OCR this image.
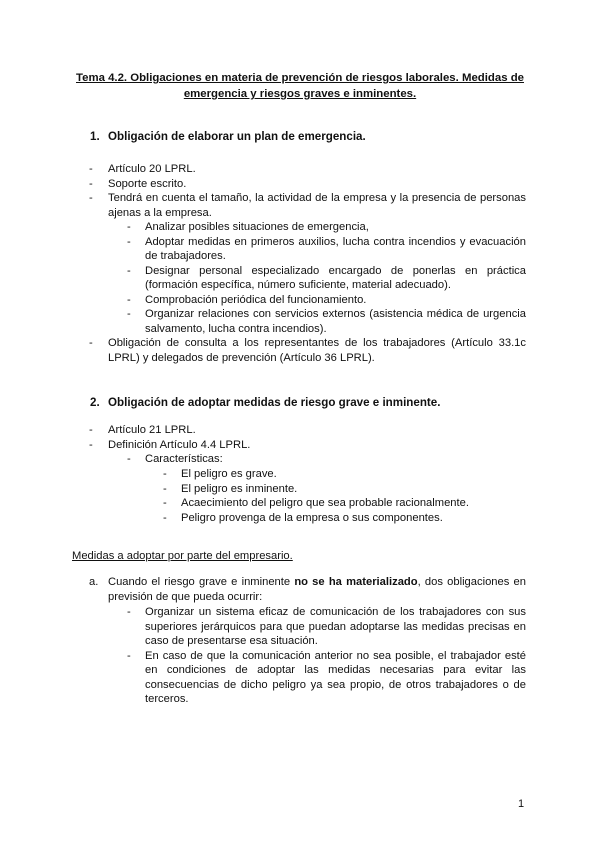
Tema 4.2. Obligaciones en materia de prevención de riesgos laborales. Medidas de emergencia y riesgos graves e inminentes.
1. Obligación de elaborar un plan de emergencia.
- Artículo 20 LPRL.
- Soporte escrito.
- Tendrá en cuenta el tamaño, la actividad de la empresa y la presencia de personas ajenas a la empresa.
- Analizar posibles situaciones de emergencia,
- Adoptar medidas en primeros auxilios, lucha contra incendios y evacuación de trabajadores.
- Designar personal especializado encargado de ponerlas en práctica (formación específica, número suficiente, material adecuado).
- Comprobación periódica del funcionamiento.
- Organizar relaciones con servicios externos (asistencia médica de urgencia salvamento, lucha contra incendios).
- Obligación de consulta a los representantes de los trabajadores (Artículo 33.1c LPRL) y delegados de prevención (Artículo 36 LPRL).
2. Obligación de adoptar medidas de riesgo grave e inminente.
- Artículo 21 LPRL.
- Definición Artículo 4.4 LPRL.
- Características:
- El peligro es grave.
- El peligro es inminente.
- Acaecimiento del peligro que sea probable racionalmente.
- Peligro provenga de la empresa o sus componentes.
Medidas a adoptar por parte del empresario.
a. Cuando el riesgo grave e inminente no se ha materializado, dos obligaciones en previsión de que pueda ocurrir:
- Organizar un sistema eficaz de comunicación de los trabajadores con sus superiores jerárquicos para que puedan adoptarse las medidas precisas en caso de presentarse esa situación.
- En caso de que la comunicación anterior no sea posible, el trabajador esté en condiciones de adoptar las medidas necesarias para evitar las consecuencias de dicho peligro ya sea propio, de otros trabajadores o de terceros.
1
